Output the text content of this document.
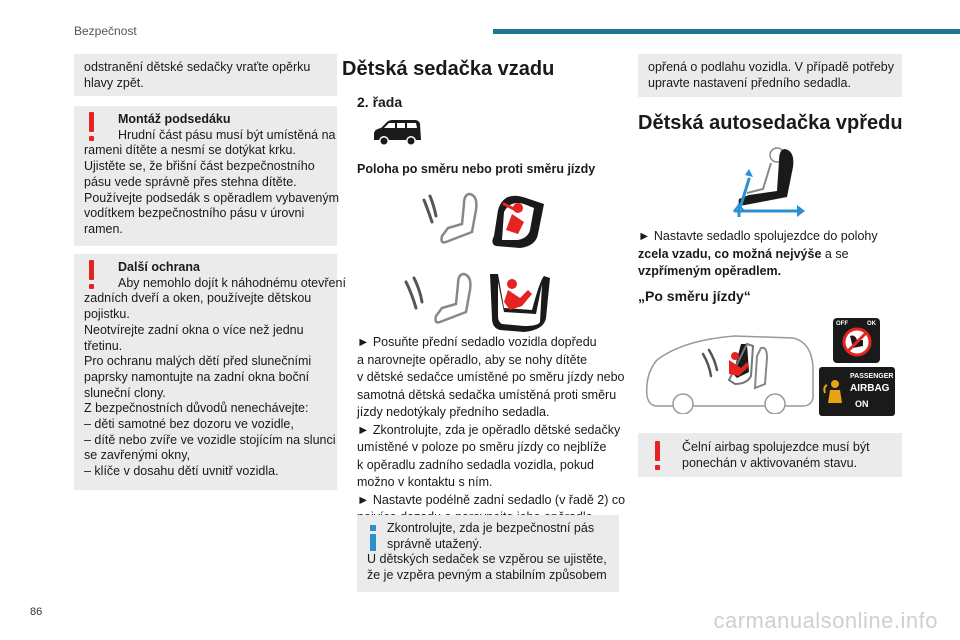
Bezpečnost
86	carmanualsonline.info
odstranění dětské sedačky vraťte opěrku
hlavy zpět.
Montáž podsedáku
Hrudní část pásu musí být umístěná na
rameni dítěte a nesmí se dotýkat krku.
Ujistěte se, že břišní část bezpečnostního
pásu vede správně přes stehna dítěte.
Používejte podsedák s opěradlem vybaveným
vodítkem bezpečnostního pásu v úrovni
ramen.
Další ochrana
Aby nemohlo dojít k náhodnému otevření
zadních dveří a oken, používejte dětskou
pojistku.
Neotvírejte zadní okna o více než jednu
třetinu.
Pro ochranu malých dětí před slunečními
paprsky namontujte na zadní okna boční
sluneční clony.
Z bezpečnostních důvodů nenechávejte:
– děti samotné bez dozoru ve vozidle,
– dítě nebo zvíře ve vozidle stojícím na slunci
se zavřenými okny,
– klíče v dosahu dětí uvnitř vozidla.
Dětská sedačka vzadu
2. řada
Poloha po směru nebo proti směru jízdy
► Posuňte přední sedadlo vozidla dopředu
a narovnejte opěradlo, aby se nohy dítěte
v dětské sedačce umístěné po směru jízdy nebo
samotná dětská sedačka umístěná proti směru
jízdy nedotýkaly předního sedadla.
► Zkontrolujte, zda je opěradlo dětské sedačky
umístěné v poloze po směru jízdy co nejblíže
k opěradlu zadního sedadla vozidla, pokud
možno v kontaktu s ním.
► Nastavte podélně zadní sedadlo (v řadě 2) co
Zkontrolujte, zda je bezpečnostní pás
správně utažený.
U dětských sedaček se vzpěrou se ujistěte,
že je vzpěra pevným a stabilním způsobem
opřená o podlahu vozidla. V případě potřeby
upravte nastavení předního sedadla.
Dětská autosedačka vpředu
► Nastavte sedadlo spolujezdce do polohy
zcela vzadu, co možná nejvýše a se
vzpřímeným opěradlem.
„Po směru jízdy“
OFF	OK
PASSENGER
AIRBAG
ON
Čelní airbag spolujezdce musí být
ponechán v aktivovaném stavu.
